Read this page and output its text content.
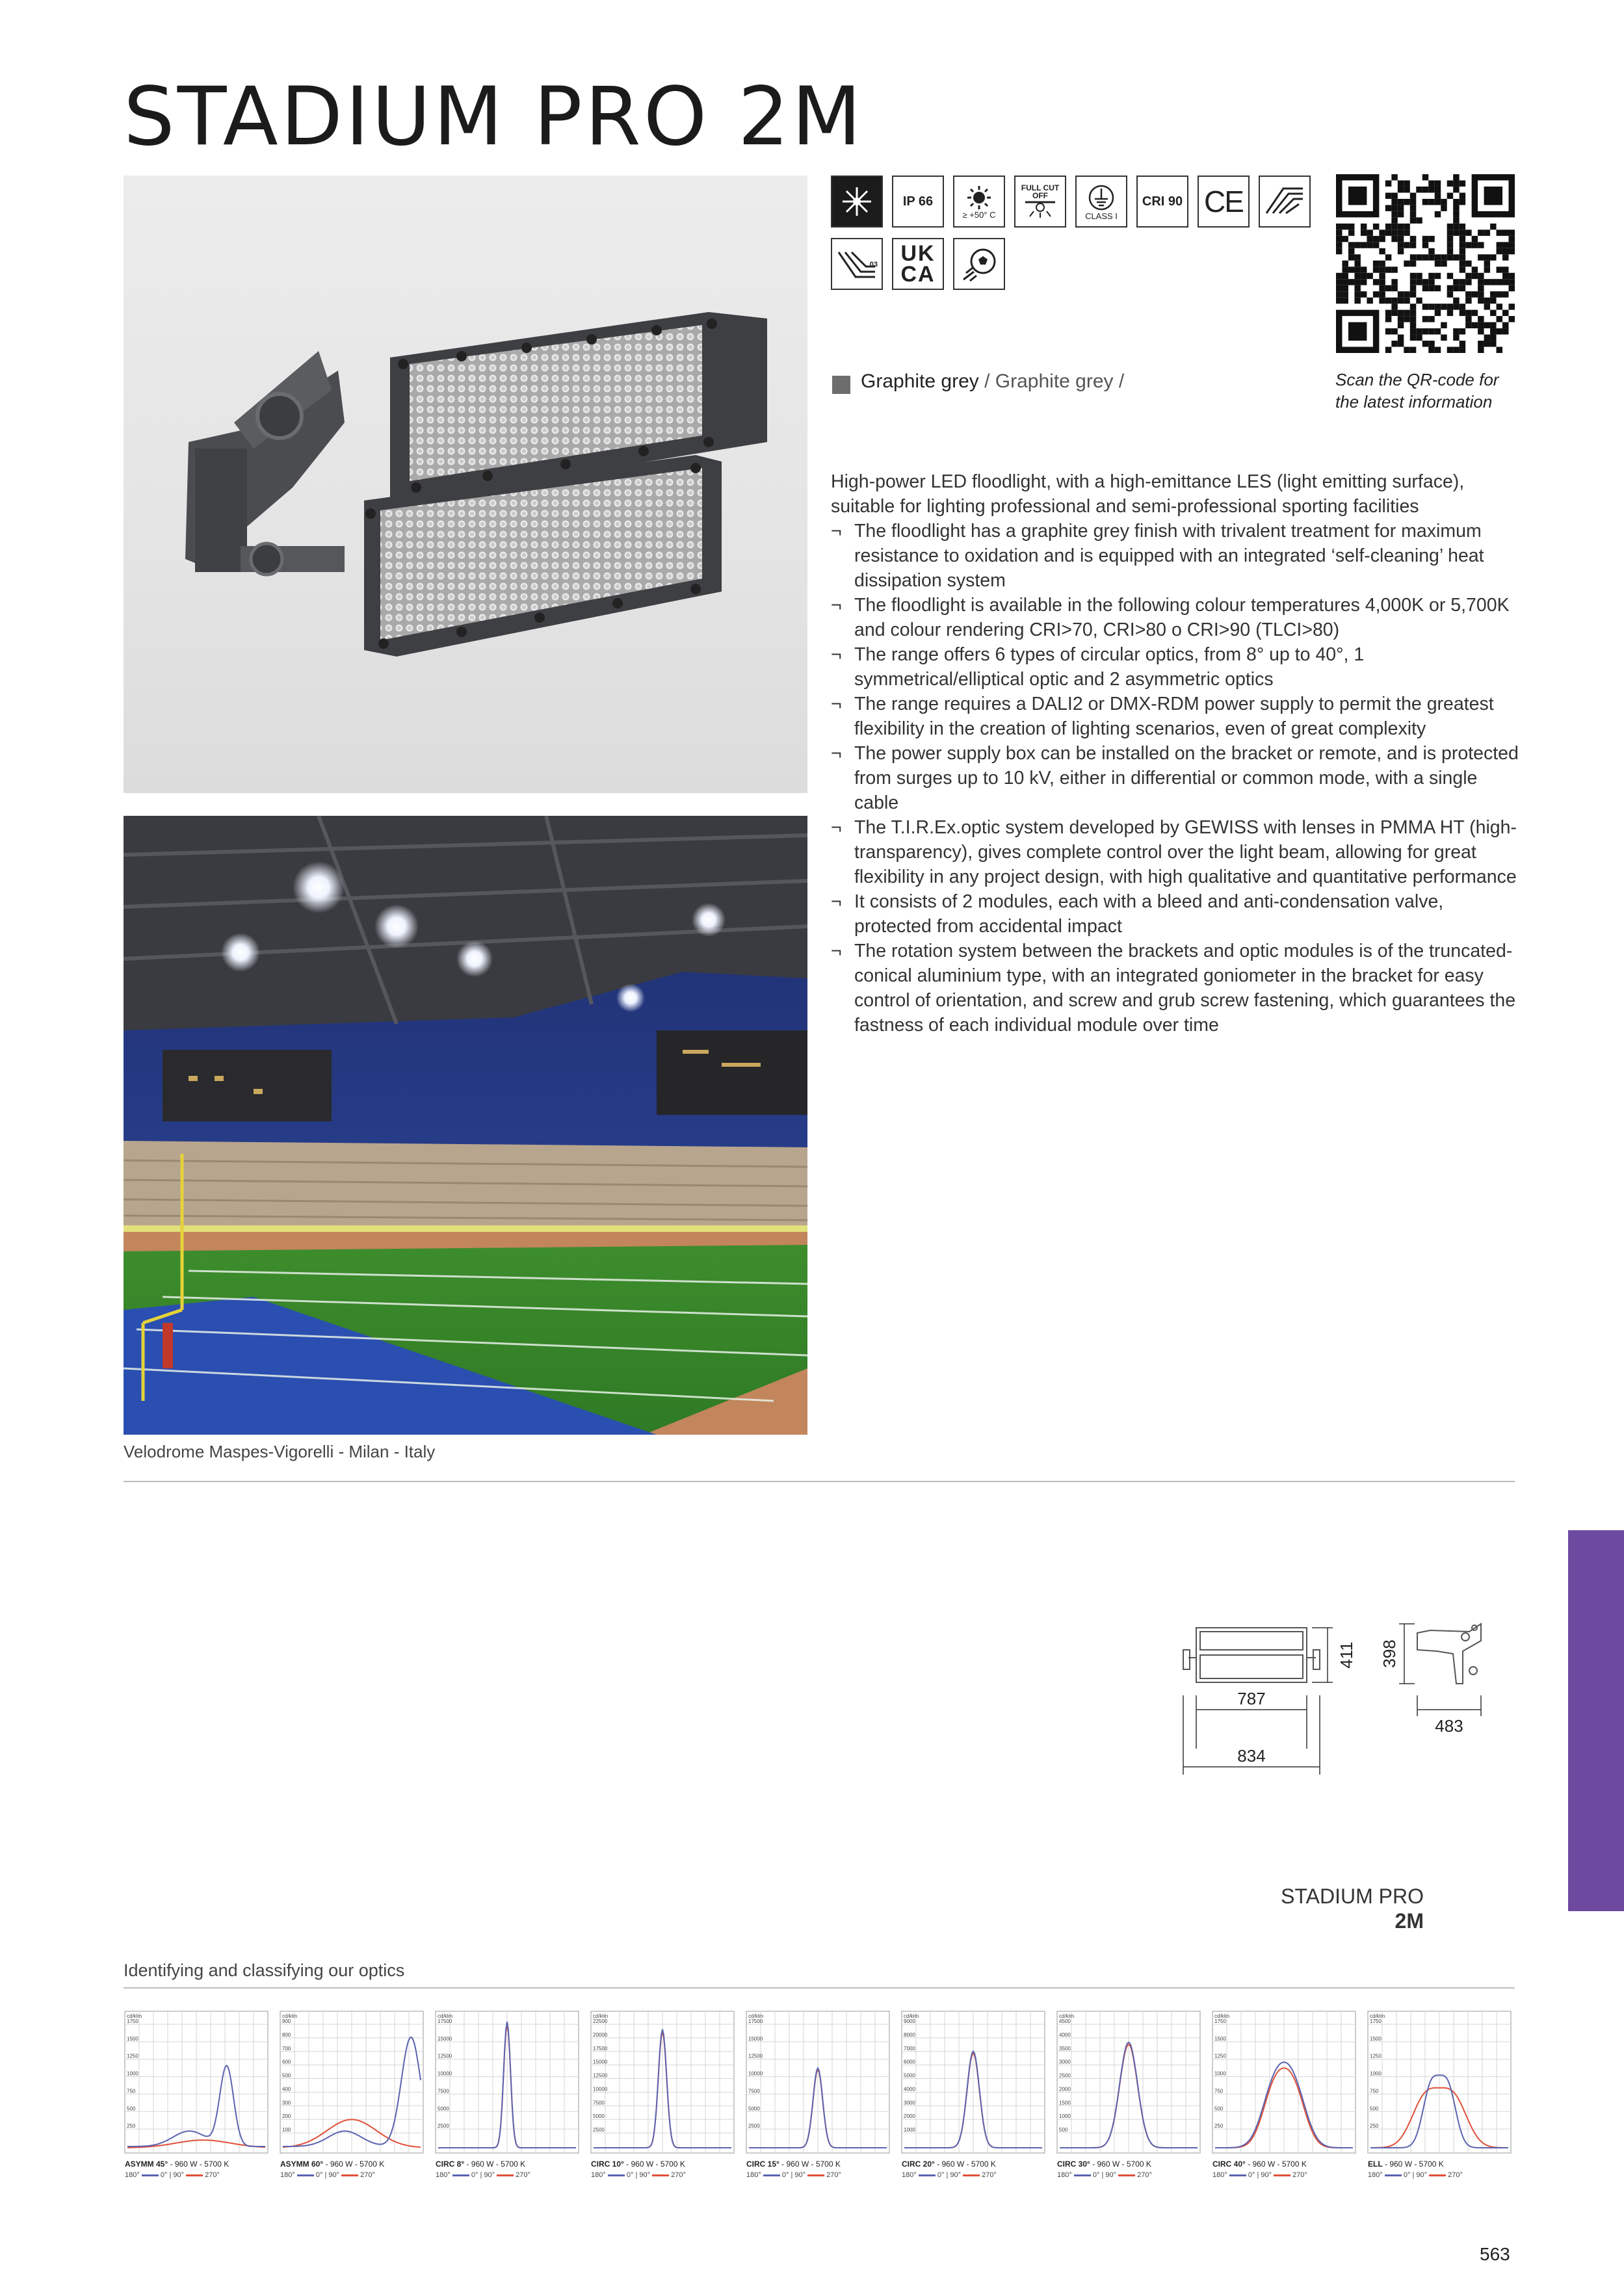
STADIUM PRO 2M
Velodrome Maspes-Vigorelli - Milan - Italy
IP 66
≥ +50° C
FULL CUT OFF
CLASS I
CRI 90 CE
03 UK CA
Scan the QR-code for
the latest information
Graphite grey / Graphite grey /
High-power LED floodlight, with a high-emittance LES (light emitting surface), suitable for lighting professional and semi-professional sporting facilities
¬ The floodlight has a graphite grey finish with trivalent treatment for maximum resistance to oxidation and is equipped with an integrated ‘self-cleaning’ heat dissipation system
¬ The floodlight is available in the following colour temperatures 4,000K or 5,700K and colour rendering CRI>70, CRI>80 o CRI>90 (TLCI>80)
¬ The range offers 6 types of circular optics, from 8° up to 40°, 1 symmetrical/elliptical optic and 2 asymmetric optics
¬ The range requires a DALI2 or DMX-RDM power supply to permit the greatest flexibility in the creation of lighting scenarios, even of great complexity
¬ The power supply box can be installed on the bracket or remote, and is protected from surges up to 10 kV, either in differential or common mode, with a single cable
¬ The T.I.R.Ex.optic system developed by GEWISS with lenses in PMMA HT (high-transparency), gives complete control over the light beam, allowing for great flexibility in any project design, with high qualitative and quantitative performance
¬ It consists of 2 modules, each with a bleed and anti-condensation valve, protected from accidental impact
¬ The rotation system between the brackets and optic modules is of the truncated-conical aluminium type, with an integrated goniometer in the bracket for easy control of orientation, and screw and grub screw fastening, which guarantees the fastness of each individual module over time
787
834
411 398
483
STADIUM PRO
2M
Identifying and classifying our optics
1750
1500
1250
1000
750
500
250
cd/klm
ASYMM 45° - 960 W - 5700 K
180°	0° | 90°	270°
900
800
700
600
500
400
300
200
100
cd/klm
ASYMM 60° - 960 W - 5700 K
180°	0° | 90°	270°
17500
15000
12500
10000
7500
5000
2500
cd/klm
CIRC 8° - 960 W - 5700 K
180°	0° | 90°	270°
22500
20000
17500
15000
12500
10000
7500
5000
2500
cd/klm
CIRC 10° - 960 W - 5700 K
180°	0° | 90°	270°
17500
15000
12500
10000
7500
5000
2500
cd/klm
CIRC 15° - 960 W - 5700 K
180°	0° | 90°	270°
9000
8000
7000
6000
5000
4000
3000
2000
1000
cd/klm
CIRC 20° - 960 W - 5700 K
180°	0° | 90°	270°
4500
4000
3500
3000
2500
2000
1500
1000
500
cd/klm
CIRC 30° - 960 W - 5700 K
180°	0° | 90°	270°
1750
1500
1250
1000
750
500
250
cd/klm
CIRC 40° - 960 W - 5700 K
180°	0° | 90°	270°
1750
1500
1250
1000
750
500
250
cd/klm
ELL - 960 W - 5700 K
180°	0° | 90°	270°
563
